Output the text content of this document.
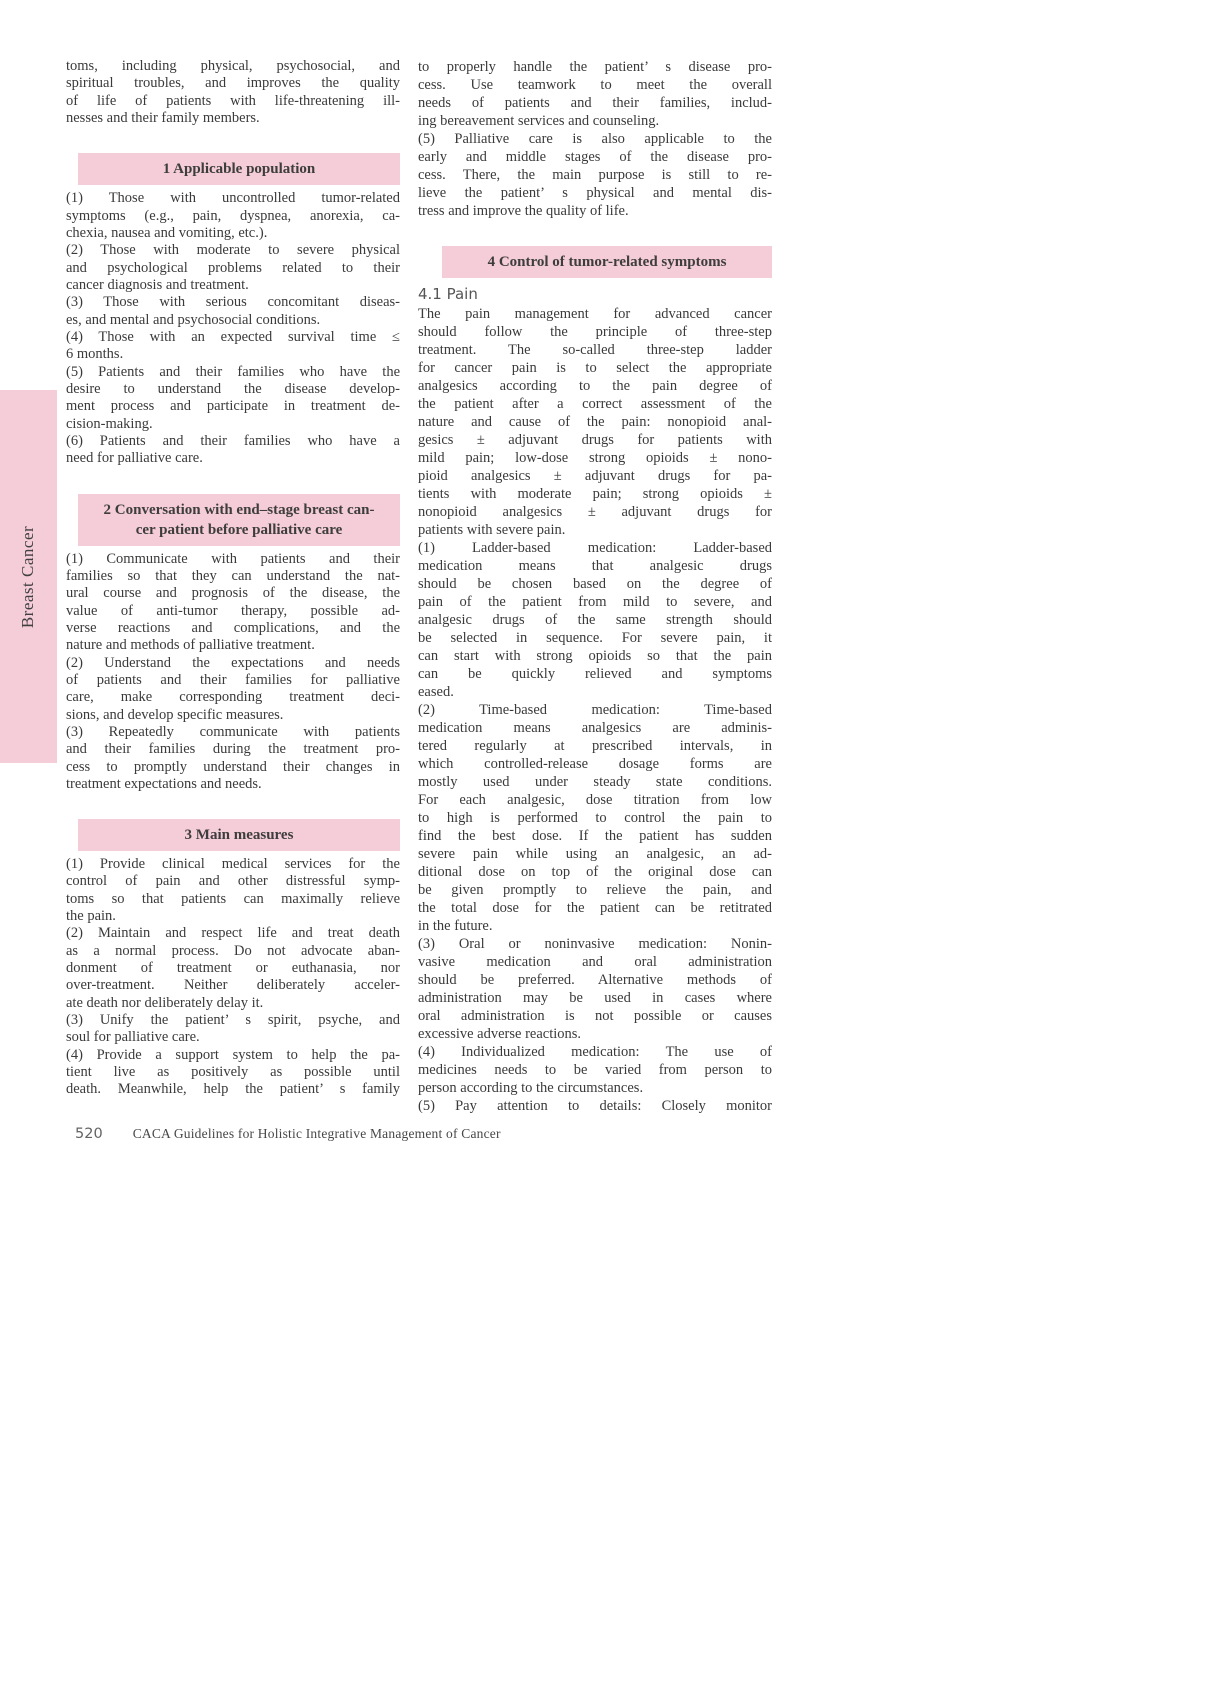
Breast Cancer
toms, including physical, psychosocial, and
spiritual troubles, and improves the quality
of life of patients with life-threatening ill-
nesses and their family members.
1 Applicable population
(1) Those with uncontrolled tumor-related
symptoms (e.g., pain, dyspnea, anorexia, ca-
chexia, nausea and vomiting, etc.).
(2) Those with moderate to severe physical
and psychological problems related to their
cancer diagnosis and treatment.
(3) Those with serious concomitant diseas-
es, and mental and psychosocial conditions.
(4) Those with an expected survival time ≤
6 months.
(5) Patients and their families who have the
desire to understand the disease develop-
ment process and participate in treatment de-
cision-making.
(6) Patients and their families who have a
need for palliative care.
2 Conversation with end–stage breast can-
cer patient before palliative care
(1) Communicate with patients and their
families so that they can understand the nat-
ural course and prognosis of the disease, the
value of anti-tumor therapy, possible ad-
verse reactions and complications, and the
nature and methods of palliative treatment.
(2) Understand the expectations and needs
of patients and their families for palliative
care, make corresponding treatment deci-
sions, and develop specific measures.
(3) Repeatedly communicate with patients
and their families during the treatment pro-
cess to promptly understand their changes in
treatment expectations and needs.
3 Main measures
(1) Provide clinical medical services for the
control of pain and other distressful symp-
toms so that patients can maximally relieve
the pain.
(2) Maintain and respect life and treat death
as a normal process. Do not advocate aban-
donment of treatment or euthanasia, nor
over-treatment. Neither deliberately acceler-
ate death nor deliberately delay it.
(3) Unify the patient’ s spirit, psyche, and
soul for palliative care.
(4) Provide a support system to help the pa-
tient live as positively as possible until
death. Meanwhile, help the patient’ s family
to properly handle the patient’ s disease pro-
cess. Use teamwork to meet the overall
needs of patients and their families, includ-
ing bereavement services and counseling.
(5) Palliative care is also applicable to the
early and middle stages of the disease pro-
cess. There, the main purpose is still to re-
lieve the patient’ s physical and mental dis-
tress and improve the quality of life.
4 Control of tumor-related symptoms
4.1 Pain
The pain management for advanced cancer
should follow the principle of three-step
treatment. The so-called three-step ladder
for cancer pain is to select the appropriate
analgesics according to the pain degree of
the patient after a correct assessment of the
nature and cause of the pain: nonopioid anal-
gesics ± adjuvant drugs for patients with
mild pain; low-dose strong opioids ± nono-
pioid analgesics ± adjuvant drugs for pa-
tients with moderate pain; strong opioids ±
nonopioid analgesics ± adjuvant drugs for
patients with severe pain.
(1) Ladder-based medication: Ladder-based
medication means that analgesic drugs
should be chosen based on the degree of
pain of the patient from mild to severe, and
analgesic drugs of the same strength should
be selected in sequence. For severe pain, it
can start with strong opioids so that the pain
can be quickly relieved and symptoms
eased.
(2) Time-based medication: Time-based
medication means analgesics are adminis-
tered regularly at prescribed intervals, in
which controlled-release dosage forms are
mostly used under steady state conditions.
For each analgesic, dose titration from low
to high is performed to control the pain to
find the best dose. If the patient has sudden
severe pain while using an analgesic, an ad-
ditional dose on top of the original dose can
be given promptly to relieve the pain, and
the total dose for the patient can be retitrated
in the future.
(3) Oral or noninvasive medication: Nonin-
vasive medication and oral administration
should be preferred. Alternative methods of
administration may be used in cases where
oral administration is not possible or causes
excessive adverse reactions.
(4) Individualized medication: The use of
medicines needs to be varied from person to
person according to the circumstances.
(5) Pay attention to details: Closely monitor
520 CACA Guidelines for Holistic Integrative Management of Cancer
